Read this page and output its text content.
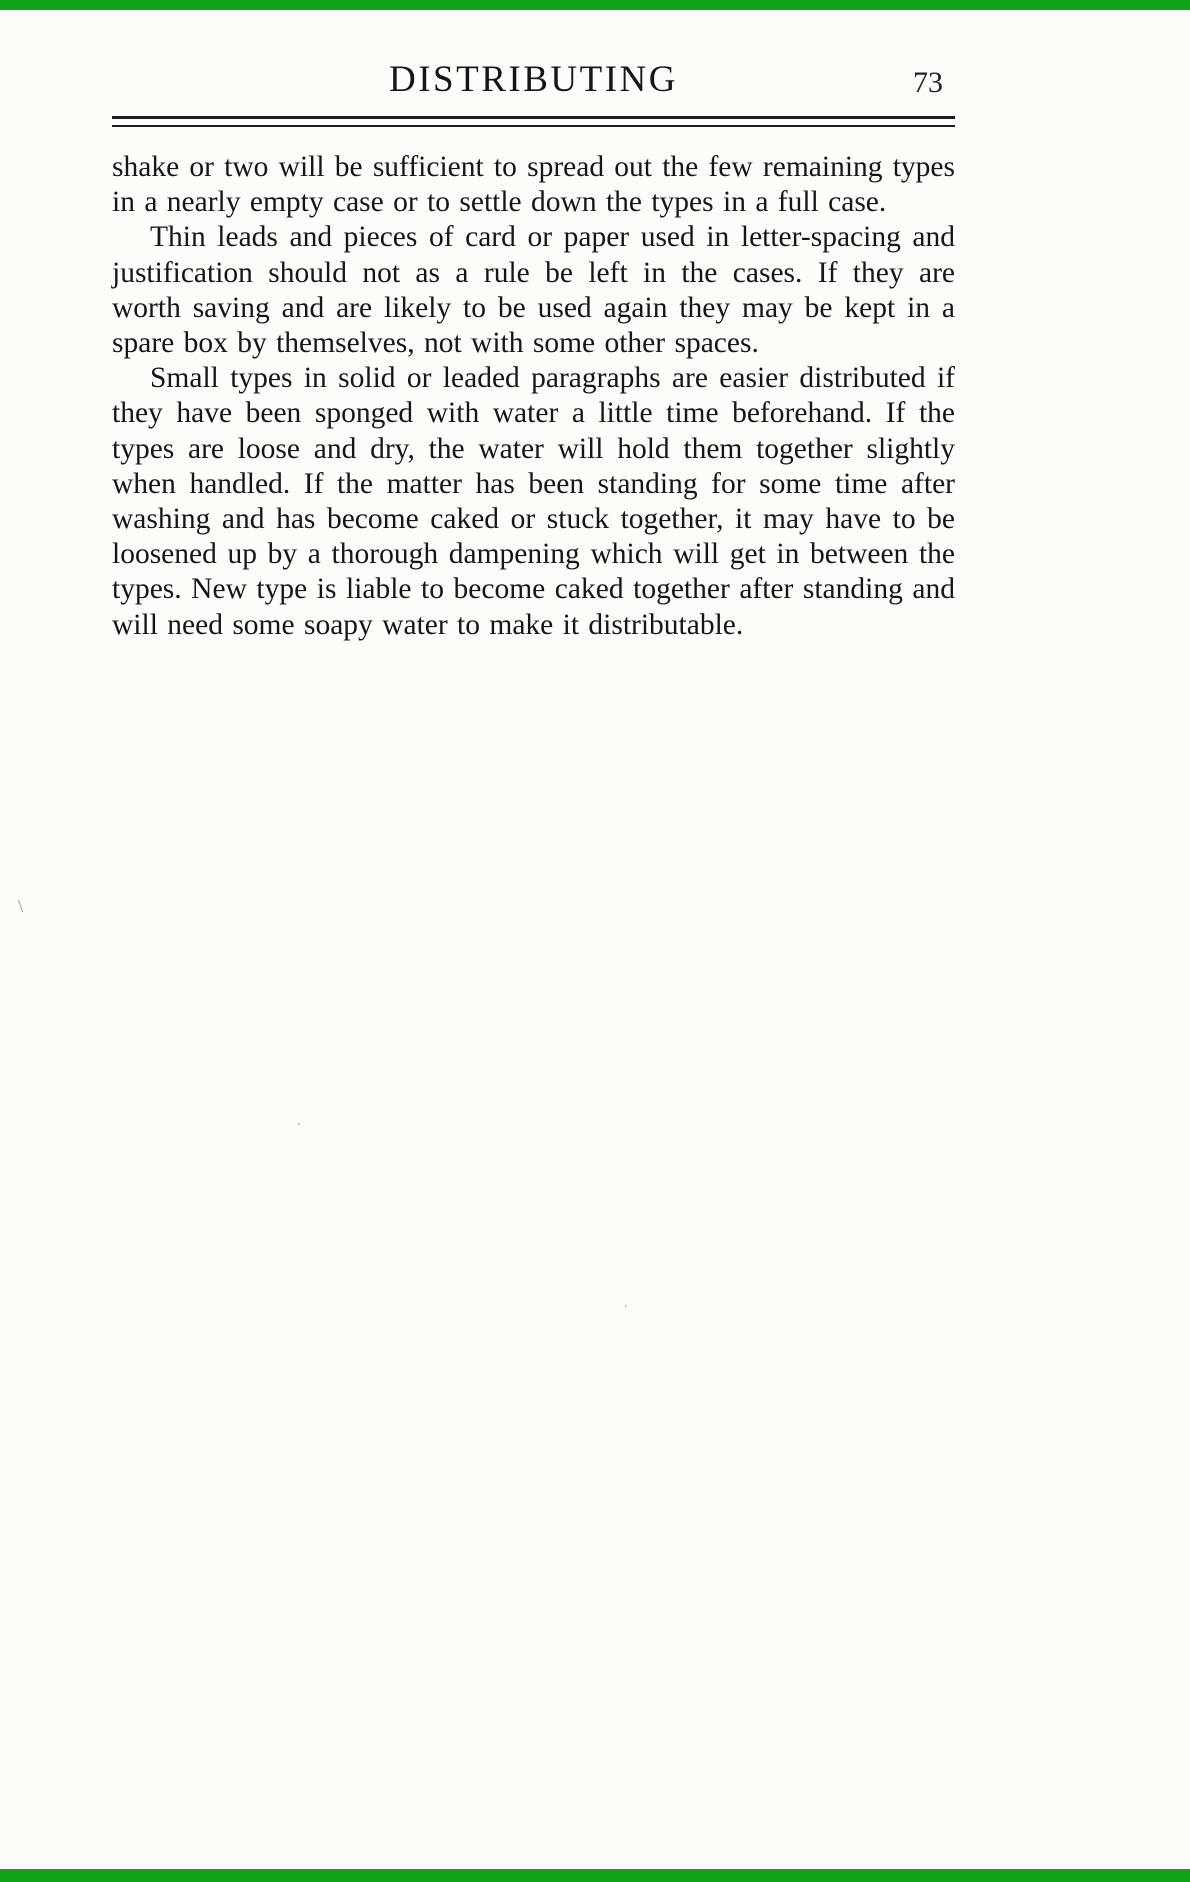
DISTRIBUTING	73

shake or two will be sufficient to spread out the few remaining types in a nearly empty case or to settle down the types in a full case.

Thin leads and pieces of card or paper used in letter-spacing and justification should not as a rule be left in the cases. If they are worth saving and are likely to be used again they may be kept in a spare box by themselves, not with some other spaces.

Small types in solid or leaded paragraphs are easier distributed if they have been sponged with water a little time beforehand. If the types are loose and dry, the water will hold them together slightly when handled. If the matter has been standing for some time after washing and has become caked or stuck together, it may have to be loosened up by a thorough dampening which will get in between the types. New type is liable to become caked together after standing and will need some soapy water to make it distributable.

\
.
.
